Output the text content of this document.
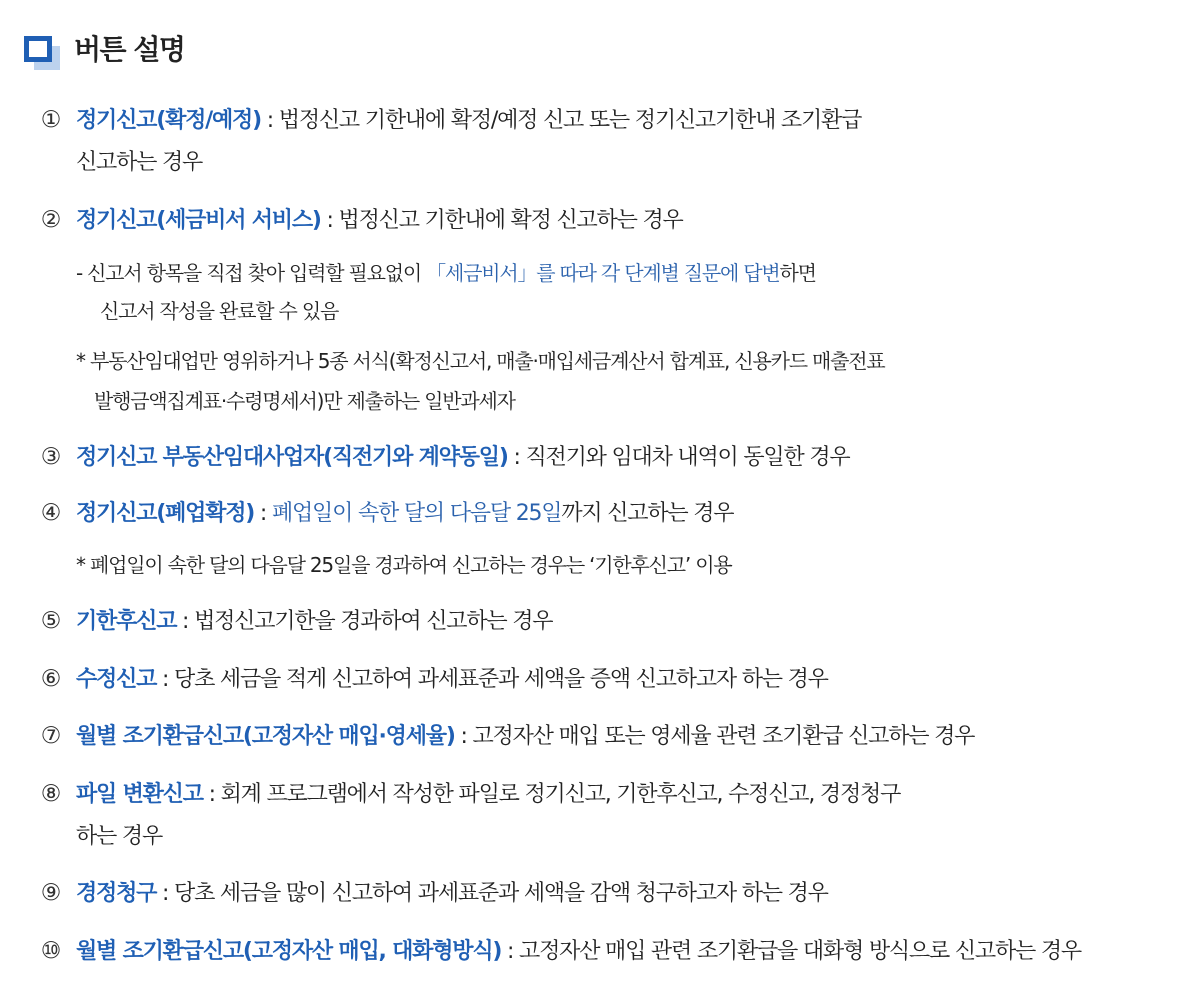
버튼 설명
① 정기신고(확정/예정) : 법정신고 기한내에 확정/예정 신고 또는 정기신고기한내 조기환급
신고하는 경우
② 정기신고(세금비서 서비스) : 법정신고 기한내에 확정 신고하는 경우
- 신고서 항목을 직접 찾아 입력할 필요없이 「세금비서」를 따라 각 단계별 질문에 답변하면
신고서 작성을 완료할 수 있음
* 부동산임대업만 영위하거나 5종 서식(확정신고서, 매출·매입세금계산서 합계표, 신용카드 매출전표
발행금액집계표·수령명세서)만 제출하는 일반과세자
③ 정기신고 부동산임대사업자(직전기와 계약동일) : 직전기와 임대차 내역이 동일한 경우
④ 정기신고(폐업확정) : 폐업일이 속한 달의 다음달 25일까지 신고하는 경우
* 폐업일이 속한 달의 다음달 25일을 경과하여 신고하는 경우는 ‘기한후신고’ 이용
⑤ 기한후신고 : 법정신고기한을 경과하여 신고하는 경우
⑥ 수정신고 : 당초 세금을 적게 신고하여 과세표준과 세액을 증액 신고하고자 하는 경우
⑦ 월별 조기환급신고(고정자산 매입·영세율) : 고정자산 매입 또는 영세율 관련 조기환급 신고하는 경우
⑧ 파일 변환신고 : 회계 프로그램에서 작성한 파일로 정기신고, 기한후신고, 수정신고, 경정청구
하는 경우
⑨ 경정청구 : 당초 세금을 많이 신고하여 과세표준과 세액을 감액 청구하고자 하는 경우
⑩ 월별 조기환급신고(고정자산 매입, 대화형방식) : 고정자산 매입 관련 조기환급을 대화형 방식으로 신고하는 경우
